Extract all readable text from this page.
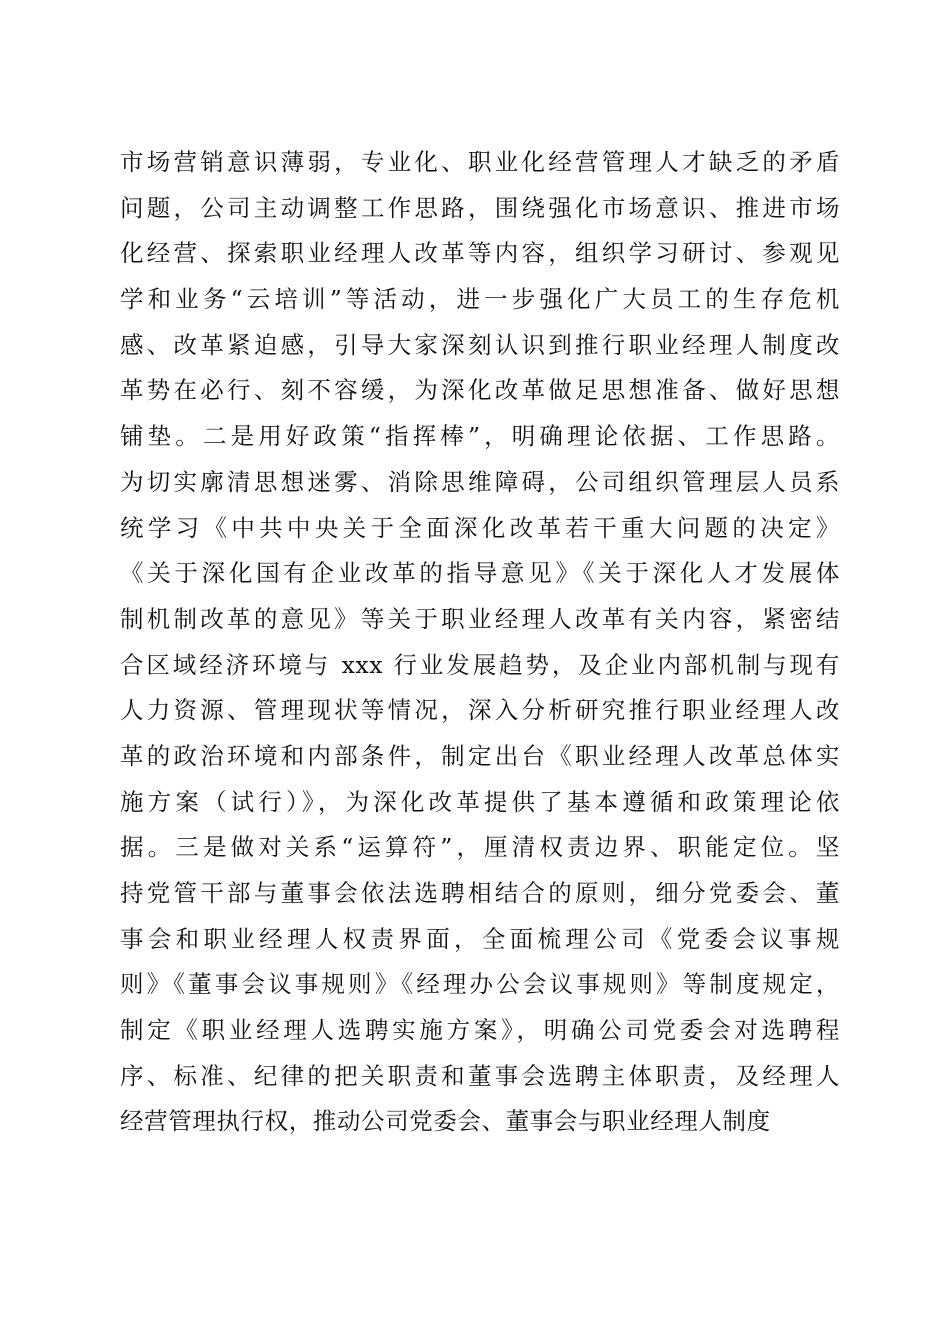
市场营销意识薄弱，专业化、职业化经营管理人才缺乏的矛盾
问题，公司主动调整工作思路，围绕强化市场意识、推进市场
化经营、探索职业经理人改革等内容，组织学习研讨、参观见
学和业务“云培训”等活动，进一步强化广大员工的生存危机
感、改革紧迫感，引导大家深刻认识到推行职业经理人制度改
革势在必行、刻不容缓，为深化改革做足思想准备、做好思想
铺垫。二是用好政策“指挥棒”，明确理论依据、工作思路。
为切实廓清思想迷雾、消除思维障碍，公司组织管理层人员系
统学习《中共中央关于全面深化改革若干重大问题的决定》
《关于深化国有企业改革的指导意见》《关于深化人才发展体
制机制改革的意见》等关于职业经理人改革有关内容，紧密结
合区域经济环境与 xxx 行业发展趋势，及企业内部机制与现有
人力资源、管理现状等情况，深入分析研究推行职业经理人改
革的政治环境和内部条件，制定出台《职业经理人改革总体实
施方案（试行）》，为深化改革提供了基本遵循和政策理论依
据。三是做对关系“运算符”，厘清权责边界、职能定位。坚
持党管干部与董事会依法选聘相结合的原则，细分党委会、董
事会和职业经理人权责界面，全面梳理公司《党委会议事规
则》《董事会议事规则》《经理办公会议事规则》等制度规定，
制定《职业经理人选聘实施方案》，明确公司党委会对选聘程
序、标准、纪律的把关职责和董事会选聘主体职责，及经理人
经营管理执行权，推动公司党委会、董事会与职业经理人制度
